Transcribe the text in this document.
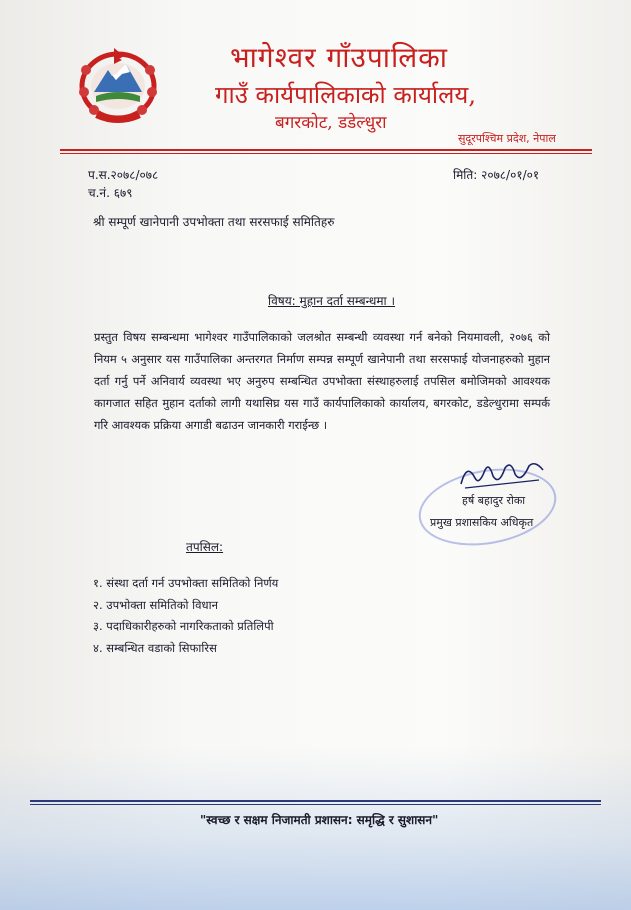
भागेश्वर गाँउपालिका
गाउँ कार्यपालिकाको कार्यालय,
बगरकोट, डडेल्धुरा
सुदूरपश्चिम प्रदेश, नेपाल
प.स.२०७८/०७८
च.नं. ६७९
मिति: २०७८/०१/०१
श्री सम्पूर्ण खानेपानी उपभोक्ता तथा सरसफाई समितिहरु
विषय: मुहान दर्ता सम्बन्धमा ।
प्रस्तुत विषय सम्बन्धमा भागेश्वर गाउँपालिकाको जलश्रोत सम्बन्धी व्यवस्था गर्न बनेको नियमावली, २०७६ को नियम ५ अनुसार यस गाउँपालिका अन्तरगत निर्माण सम्पन्न सम्पूर्ण खानेपानी तथा सरसफाई योजनाहरुको मुहान दर्ता गर्नु पर्ने अनिवार्य व्यवस्था भए अनुरुप सम्बन्धित उपभोक्ता संस्थाहरुलाई तपसिल बमोजिमको आवश्यक कागजात सहित मुहान दर्ताको लागी यथासिघ्र यस गाउँ कार्यपालिकाको कार्यालय, बगरकोट, डडेल्धुरामा सम्पर्क गरि आवश्यक प्रक्रिया अगाडी बढाउन जानकारी गराईन्छ ।
हर्ष बहादुर रोका
प्रमुख प्रशासकिय अधिकृत
तपसिल:
१. संस्था दर्ता गर्न उपभोक्ता समितिको निर्णय
२. उपभोक्ता समितिको विधान
३. पदाधिकारीहरुको नागरिकताको प्रतिलिपी
४. सम्बन्धित वडाको सिफारिस
"स्वच्छ र सक्षम निजामती प्रशासन: समृद्धि र सुशासन"
